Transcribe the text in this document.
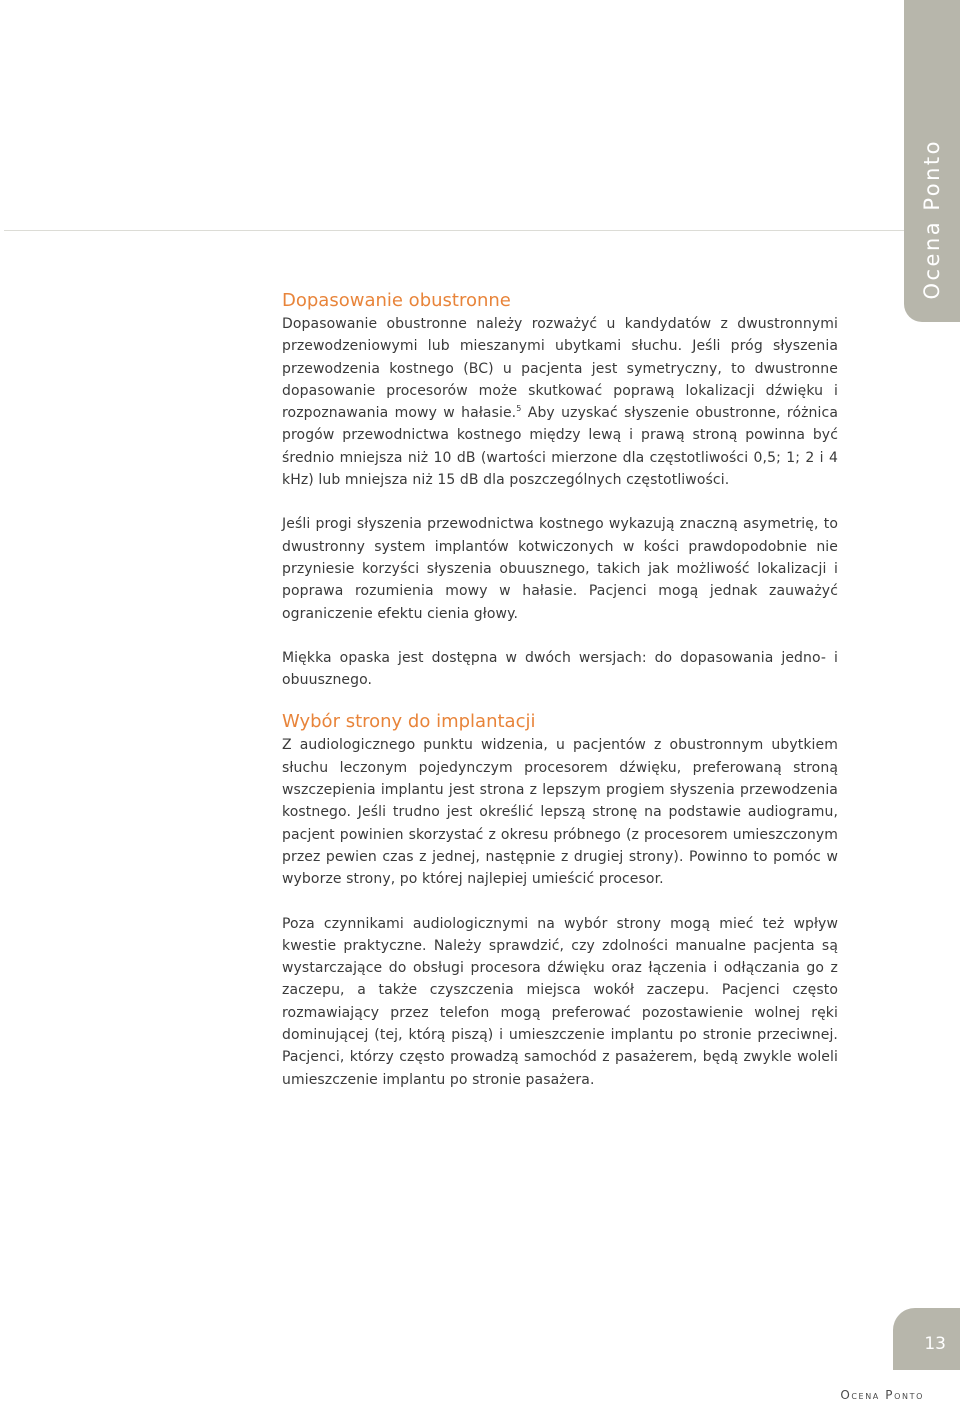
Ocena Ponto
Dopasowanie obustronne

Dopasowanie obustronne należy rozważyć u kandydatów z dwustronnymi przewodzeniowymi lub mieszanymi ubytkami słuchu. Jeśli próg słyszenia przewodzenia kostnego (BC) u pacjenta jest symetryczny, to dwustronne dopasowanie procesorów może skutkować poprawą lokalizacji dźwięku i rozpoznawania mowy w hałasie.$^5$ Aby uzyskać słyszenie obustronne, różnica progów przewodnictwa kostnego między lewą i prawą stroną powinna być średnio mniejsza niż 10 dB (wartości mierzone dla częstotliwości 0,5; 1; 2 i 4 kHz) lub mniejsza niż 15 dB dla poszczególnych częstotliwości.

Jeśli progi słyszenia przewodnictwa kostnego wykazują znaczną asymetrię, to dwustronny system implantów kotwiczonych w kości prawdopodobnie nie przyniesie korzyści słyszenia obuusznego, takich jak możliwość lokalizacji i poprawa rozumienia mowy w hałasie. Pacjenci mogą jednak zauważyć ograniczenie efektu cienia głowy.

Miękka opaska jest dostępna w dwóch wersjach: do dopasowania jedno- i obuusznego.

Wybór strony do implantacji

Z audiologicznego punktu widzenia, u pacjentów z obustronnym ubytkiem słuchu leczonym pojedynczym procesorem dźwięku, preferowaną stroną wszczepienia implantu jest strona z lepszym progiem słyszenia przewodzenia kostnego. Jeśli trudno jest określić lepszą stronę na podstawie audiogramu, pacjent powinien skorzystać z okresu próbnego (z procesorem umieszczonym przez pewien czas z jednej, następnie z drugiej strony). Powinno to pomóc w wyborze strony, po której najlepiej umieścić procesor.

Poza czynnikami audiologicznymi na wybór strony mogą mieć też wpływ kwestie praktyczne. Należy sprawdzić, czy zdolności manualne pacjenta są wystarczające do obsługi procesora dźwięku oraz łączenia i odłączania go z zaczepu, a także czyszczenia miejsca wokół zaczepu. Pacjenci często rozmawiający przez telefon mogą preferować pozostawienie wolnej ręki dominującej (tej, którą piszą) i umieszczenie implantu po stronie przeciwnej. Pacjenci, którzy często prowadzą samochód z pasażerem, będą zwykle woleli umieszczenie implantu po stronie pasażera.

13
Ocena Ponto
